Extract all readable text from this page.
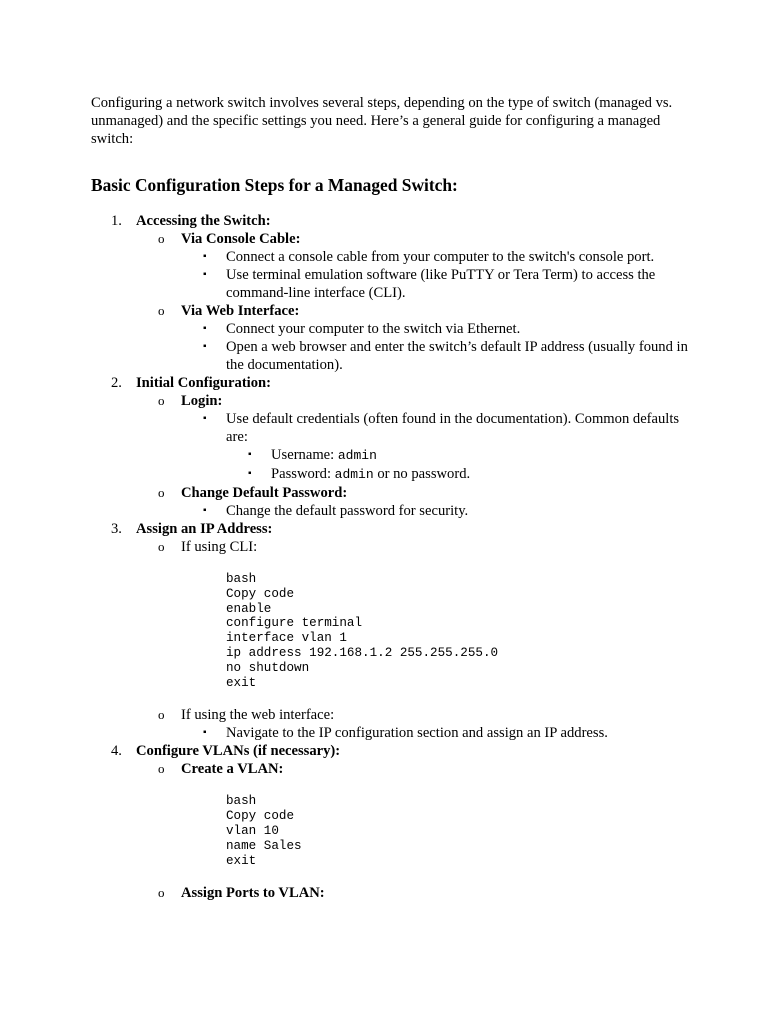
Configuring a network switch involves several steps, depending on the type of switch (managed vs. unmanaged) and the specific settings you need. Here’s a general guide for configuring a managed switch:

Basic Configuration Steps for a Managed Switch:
1. Accessing the Switch:
o Via Console Cable:
▪ Connect a console cable from your computer to the switch's console port.
▪ Use terminal emulation software (like PuTTY or Tera Term) to access the command-line interface (CLI).
o Via Web Interface:
▪ Connect your computer to the switch via Ethernet.
▪ Open a web browser and enter the switch’s default IP address (usually found in the documentation).
2. Initial Configuration:
o Login:
▪ Use default credentials (often found in the documentation). Common defaults are:
▪ Username: admin
▪ Password: admin or no password.
o Change Default Password:
▪ Change the default password for security.
3. Assign an IP Address:
o If using CLI:
bash
Copy code
enable
configure terminal
interface vlan 1
ip address 192.168.1.2 255.255.255.0
no shutdown
exit
o If using the web interface:
▪ Navigate to the IP configuration section and assign an IP address.
4. Configure VLANs (if necessary):
o Create a VLAN:
bash
Copy code
vlan 10
name Sales
exit
o Assign Ports to VLAN:
